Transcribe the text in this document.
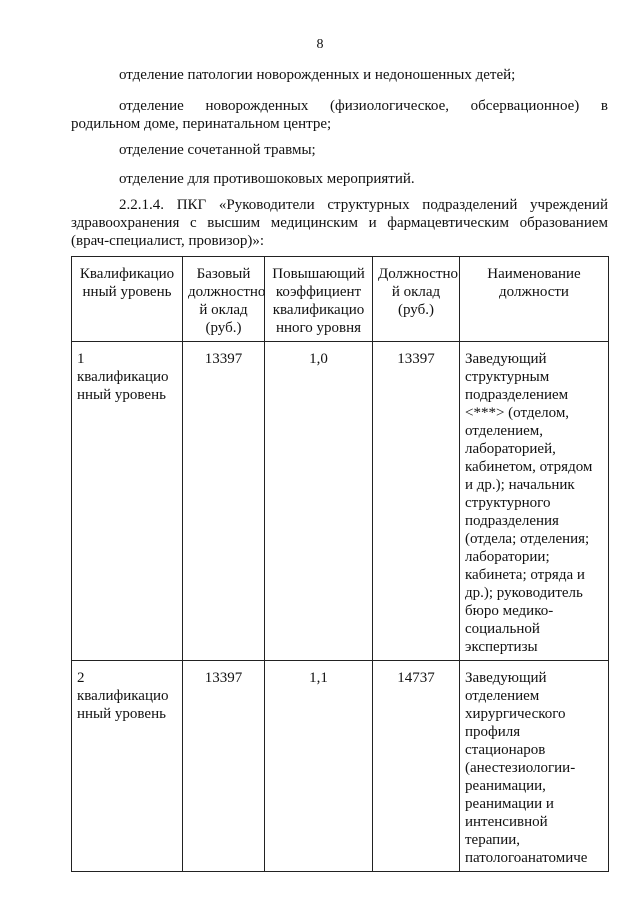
8

отделение патологии новорожденных и недоношенных детей;

отделение новорожденных (физиологическое, обсервационное) в родильном доме, перинатальном центре;

отделение сочетанной травмы;

отделение для противошоковых мероприятий.

2.2.1.4. ПКГ «Руководители структурных подразделений учреждений здравоохранения с высшим медицинским и фармацевтическим образованием (врач-специалист, провизор)»:

Квалификацио нный уровень	Базовый должностно й оклад (руб.)	Повышающий коэффициент квалификацио нного уровня	Должностно й оклад (руб.)	Наименование должности
1 квалификацио нный уровень	13397	1,0	13397	Заведующий структурным подразделением <***> (отделом, отделением, лабораторией, кабинетом, отрядом и др.); начальник структурного подразделения (отдела; отделения; лаборатории; кабинета; отряда и др.); руководитель бюро медико-социальной экспертизы
2 квалификацио нный уровень	13397	1,1	14737	Заведующий отделением хирургического профиля стационаров (анестезиологии-реанимации, реанимации и интенсивной терапии, патологоанатомиче
